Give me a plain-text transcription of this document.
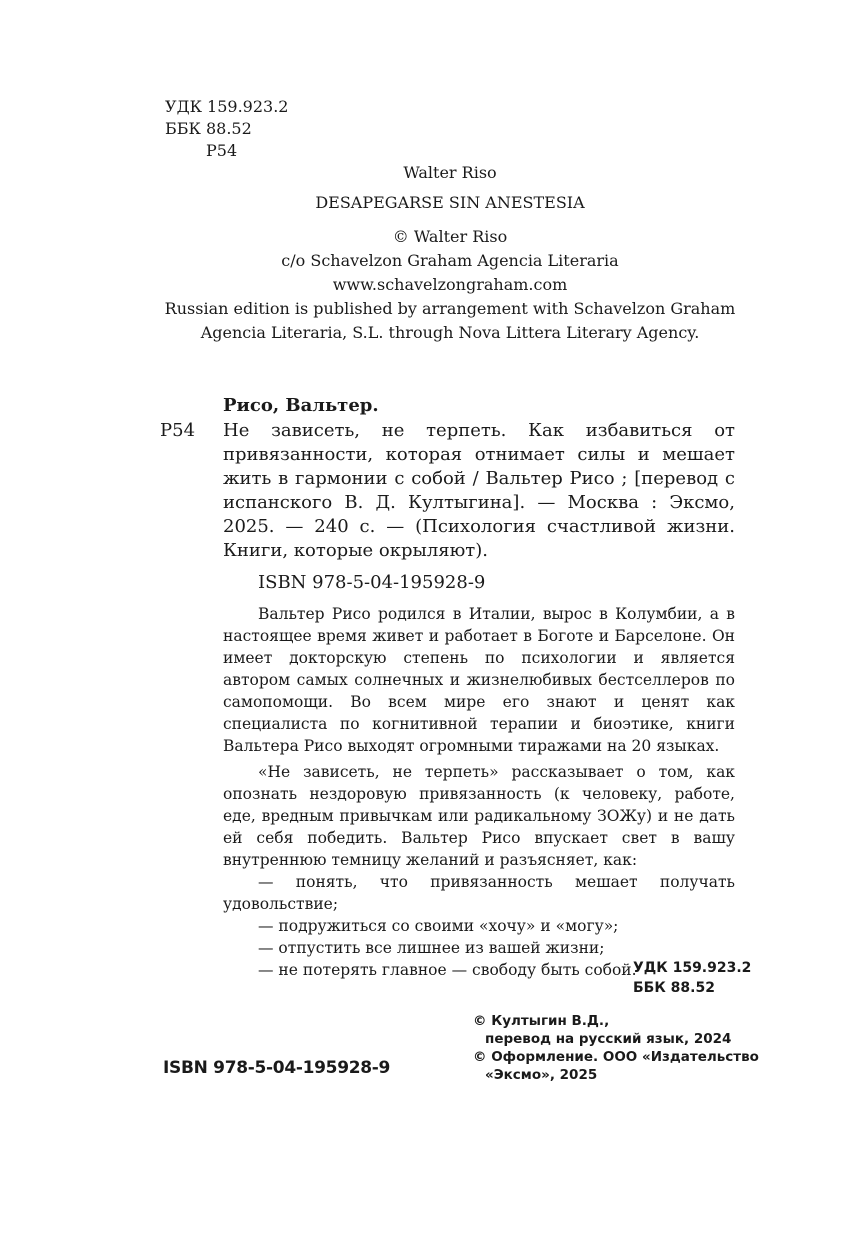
УДК 159.923.2
ББК 88.52
Р54
Walter Riso
DESAPEGARSE SIN ANESTESIA
© Walter Riso
c/o Schavelzon Graham Agencia Literaria
www.schavelzongraham.com
Russian edition is published by arrangement with Schavelzon Graham
Agencia Literaria, S.L. through Nova Littera Literary Agency.
Рисо, Вальтер.
Р54 Не зависеть, не терпеть. Как избавиться от привязанности, которая отнимает силы и мешает жить в гармонии с собой / Вальтер Рисо ; [перевод с испанского В. Д. Култыгина]. — Москва : Эксмо, 2025. — 240 с. — (Психология счастливой жизни. Книги, которые окрыляют).
ISBN 978-5-04-195928-9

Вальтер Рисо родился в Италии, вырос в Колумбии, а в настоящее время живет и работает в Боготе и Барселоне. Он имеет докторскую степень по психологии и является автором самых солнечных и жизнелюбивых бестселлеров по самопомощи. Во всем мире его знают и ценят как специалиста по когнитивной терапии и биоэтике, книги Вальтера Рисо выходят огромными тиражами на 20 языках.

«Не зависеть, не терпеть» рассказывает о том, как опознать нездоровую привязанность (к человеку, работе, еде, вредным привычкам или радикальному ЗОЖу) и не дать ей себя победить. Вальтер Рисо впускает свет в вашу внутреннюю темницу желаний и разъясняет, как:

— понять, что привязанность мешает получать удовольствие;

— подружиться со своими «хочу» и «могу»;

— отпустить все лишнее из вашей жизни;

— не потерять главное — свободу быть собой.

УДК 159.923.2
ББК 88.52
© Култыгин В.Д.,
перевод на русский язык, 2024
© Оформление. ООО «Издательство
«Эксмо», 2025
ISBN 978-5-04-195928-9
